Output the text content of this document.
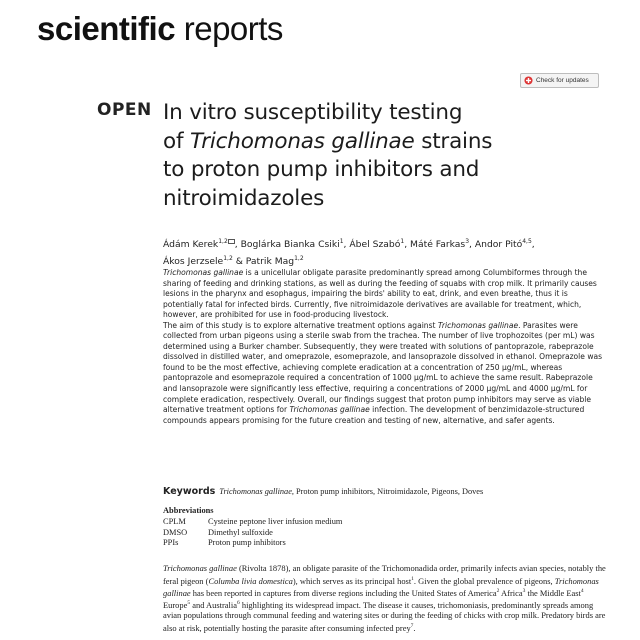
scientific reports
Check for updates
OPEN In vitro susceptibility testing
of Trichomonas gallinae strains
to proton pump inhibitors and
nitroimidazoles
Ádám Kerek$^{1,2}$ , Boglárka Bianka Csiki$^1$, Ábel Szabó$^1$, Máté Farkas$^3$, Andor Pitó$^{4,5}$,
Ákos Jerzsele$^{1,2}$ & Patrik Mag$^{1,2}$

Trichomonas gallinae is a unicellular obligate parasite predominantly spread among Columbiformes through the sharing of feeding and drinking stations, as well as during the feeding of squabs with crop milk. It primarily causes lesions in the pharynx and esophagus, impairing the birds' ability to eat, drink, and even breathe, thus it is potentially fatal for infected birds. Currently, five nitroimidazole derivatives are available for treatment, which, however, are prohibited for use in food-producing livestock.

The aim of this study is to explore alternative treatment options against Trichomonas gallinae. Parasites were collected from urban pigeons using a sterile swab from the trachea. The number of live trophozoites (per mL) was determined using a Burker chamber. Subsequently, they were treated with solutions of pantoprazole, rabeprazole dissolved in distilled water, and omeprazole, esomeprazole, and lansoprazole dissolved in ethanol. Omeprazole was found to be the most effective, achieving complete eradication at a concentration of 250 µg/mL, whereas pantoprazole and esomeprazole required a concentration of 1000 µg/mL to achieve the same result. Rabeprazole and lansoprazole were significantly less effective, requiring a concentrations of 2000 µg/mL and 4000 µg/mL for complete eradication, respectively. Overall, our findings suggest that proton pump inhibitors may serve as viable alternative treatment options for Trichomonas gallinae infection. The development of benzimidazole-structured compounds appears promising for the future creation and testing of new, alternative, and safer agents.

Keywords Trichomonas gallinae, Proton pump inhibitors, Nitroimidazole, Pigeons, Doves
Abbreviations
CPLM	Cysteine peptone liver infusion medium
DMSO	Dimethyl sulfoxide
PPIs	Proton pump inhibitors

Trichomonas gallinae (Rivolta 1878), an obligate parasite of the Trichomonadida order, primarily infects avian species, notably the feral pigeon (Columba livia domestica), which serves as its principal host$^1$. Given the global prevalence of pigeons, Trichomonas gallinae has been reported in captures from diverse regions including the United States of America$^2$ Africa$^3$ the Middle East$^4$ Europe$^5$ and Australia$^6$ highlighting its widespread impact. The disease it causes, trichomoniasis, predominantly spreads among avian populations through communal feeding and watering sites or during the feeding of chicks with crop milk. Predatory birds are also at risk, potentially hosting the parasite after consuming infected prey$^7$.
